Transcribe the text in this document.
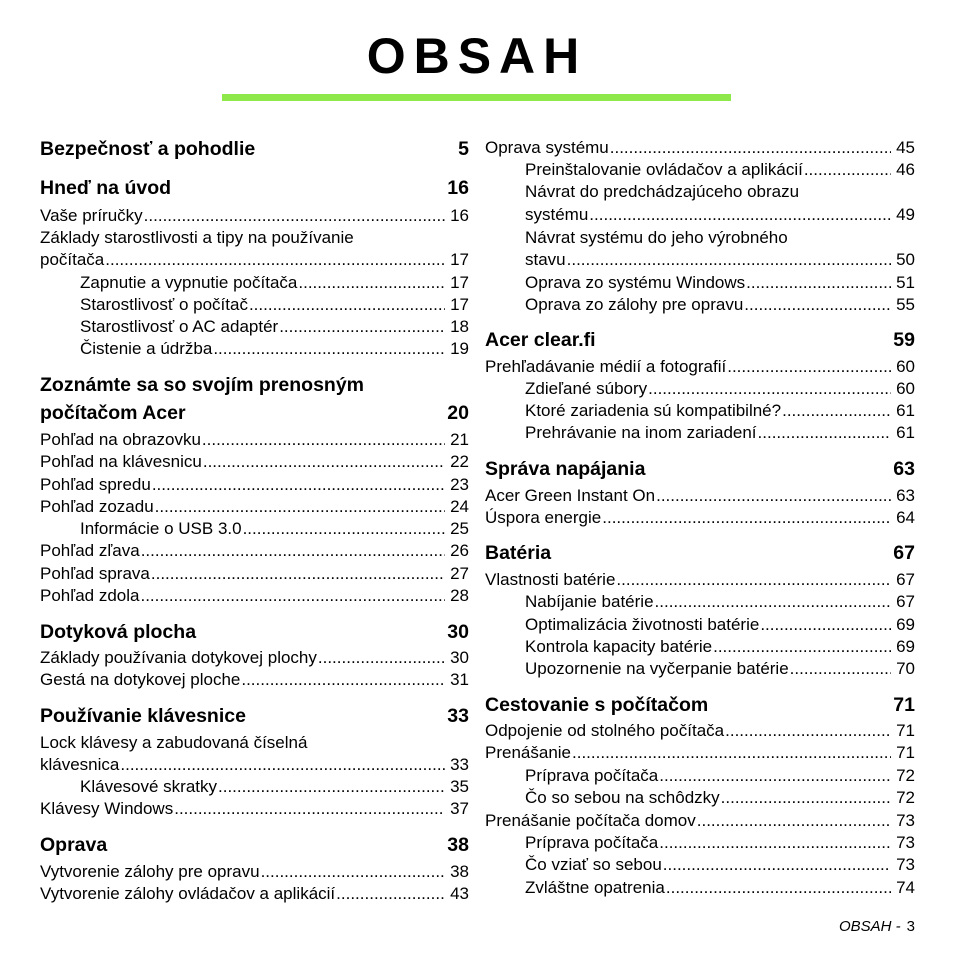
OBSAH
Bezpečnosť a pohodlie	5
Hneď na úvod	16
Vaše príručky .....	16
Základy starostlivosti a tipy na používanie
počítača .....	17
Zapnutie a vypnutie počítača .....	17
Starostlivosť o počítač .....	17
Starostlivosť o AC adaptér .....	18
Čistenie a údržba .....	19
Zoznámte sa so svojím prenosným
počítačom Acer	20
Pohľad na obrazovku .....	21
Pohľad na klávesnicu .....	22
Pohľad spredu .....	23
Pohľad zozadu .....	24
Informácie o USB 3.0 .....	25
Pohľad zľava .....	26
Pohľad sprava .....	27
Pohľad zdola .....	28
Dotyková plocha	30
Základy používania dotykovej plochy .....	30
Gestá na dotykovej ploche .....	31
Používanie klávesnice	33
Lock klávesy a zabudovaná číselná
klávesnica .....	33
Klávesové skratky .....	35
Klávesy Windows .....	37
Oprava	38
Vytvorenie zálohy pre opravu .....	38
Vytvorenie zálohy ovládačov a aplikácií .....	43
Oprava systému .....	45
Preinštalovanie ovládačov a aplikácií .....	46
Návrat do predchádzajúceho obrazu
systému .....	49
Návrat systému do jeho výrobného
stavu .....	50
Oprava zo systému Windows .....	51
Oprava zo zálohy pre opravu .....	55
Acer clear.fi	59
Prehľadávanie médií a fotografií .....	60
Zdieľané súbory .....	60
Ktoré zariadenia sú kompatibilné? .....	61
Prehrávanie na inom zariadení .....	61
Správa napájania	63
Acer Green Instant On .....	63
Úspora energie .....	64
Batéria	67
Vlastnosti batérie .....	67
Nabíjanie batérie .....	67
Optimalizácia životnosti batérie .....	69
Kontrola kapacity batérie .....	69
Upozornenie na vyčerpanie batérie .....	70
Cestovanie s počítačom	71
Odpojenie od stolného počítača .....	71
Prenášanie .....	71
Príprava počítača .....	72
Čo so sebou na schôdzky .....	72
Prenášanie počítača domov .....	73
Príprava počítača .....	73
Čo vziať so sebou .....	73
Zvláštne opatrenia .....	74
OBSAH - 3
